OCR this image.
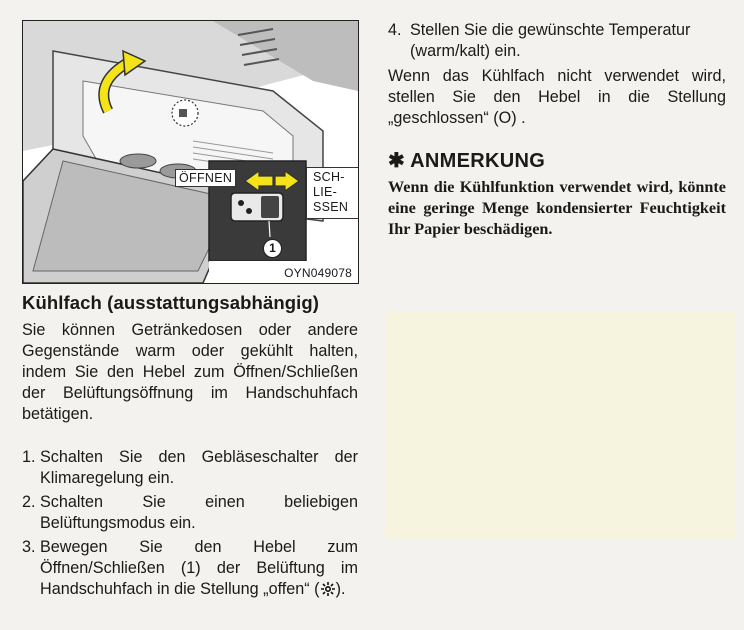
ÖFFNEN	SCH-
LIE-
SSEN
1
OYN049078
Kühlfach (ausstattungsabhängig)

Sie können Getränkedosen oder andere Gegenstände warm oder gekühlt halten, indem Sie den Hebel zum Öffnen/Schließen der Belüftungsöffnung im Handschuhfach betätigen.

1. Schalten Sie den Gebläseschalter der Klimaregelung ein.
2. Schalten Sie einen beliebigen Belüftungsmodus ein.
3. Bewegen Sie den Hebel zum Öffnen/Schließen (1) der Belüftung im Handschuhfach in die Stellung „offen“ ( ).
4. Stellen Sie die gewünschte Temperatur (warm/kalt) ein.

Wenn das Kühlfach nicht verwendet wird, stellen Sie den Hebel in die Stellung „geschlossen“ (O) .

✱ ANMERKUNG

Wenn die Kühlfunktion verwendet wird, könnte eine geringe Menge kondensierter Feuchtigkeit Ihr Papier beschädigen.
